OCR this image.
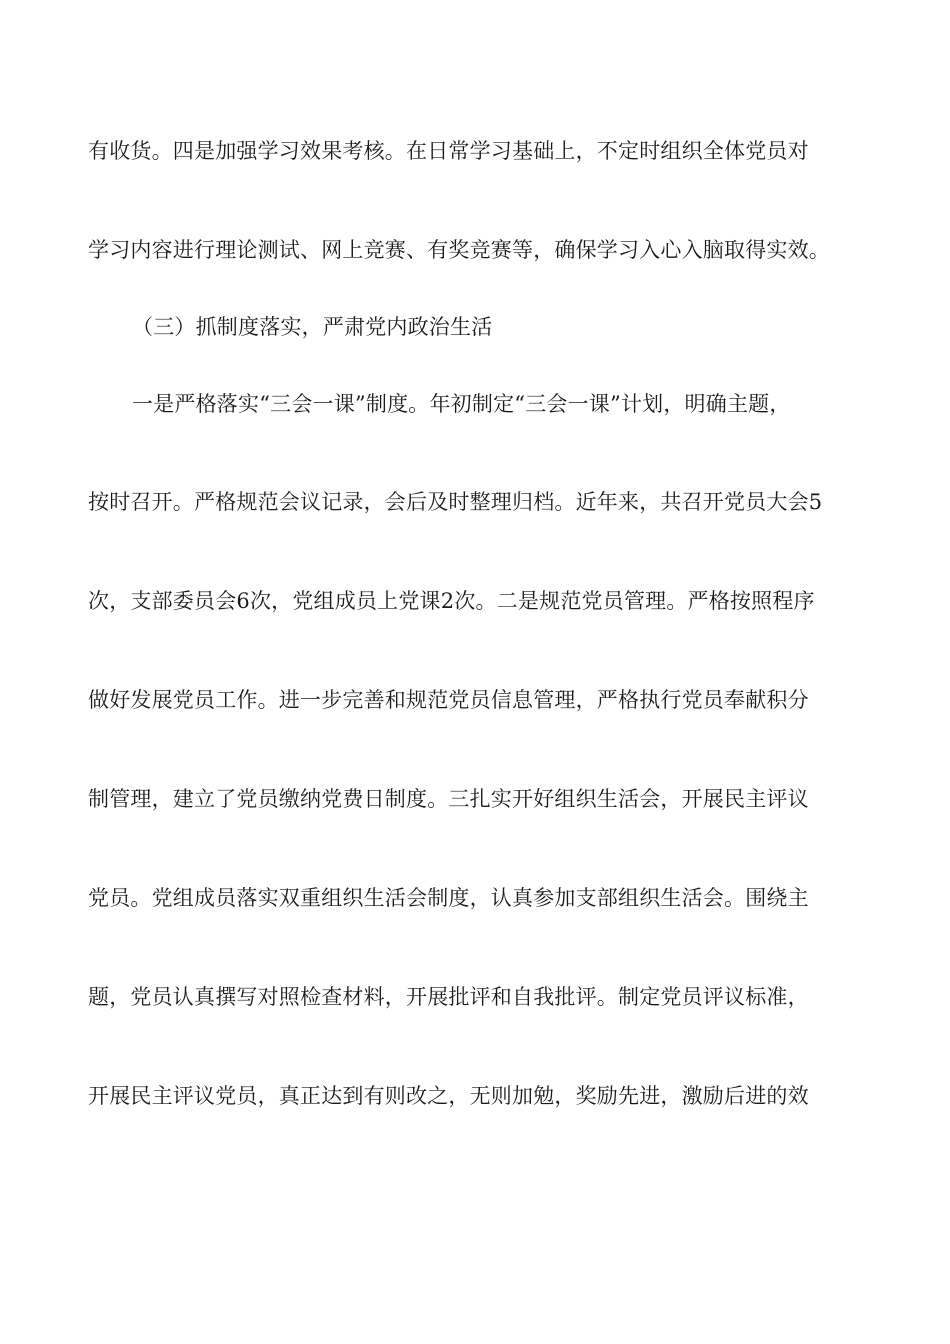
有收货。四是加强学习效果考核。在日常学习基础上，不定时组织全体党员对
学习内容进行理论测试、网上竞赛、有奖竞赛等，确保学习入心入脑取得实效。
（三）抓制度落实，严肃党内政治生活
一是严格落实“三会一课”制度。年初制定“三会一课”计划，明确主题，
按时召开。严格规范会议记录，会后及时整理归档。近年来，共召开党员大会5
次，支部委员会6次，党组成员上党课2次。二是规范党员管理。严格按照程序
做好发展党员工作。进一步完善和规范党员信息管理，严格执行党员奉献积分
制管理，建立了党员缴纳党费日制度。三扎实开好组织生活会，开展民主评议
党员。党组成员落实双重组织生活会制度，认真参加支部组织生活会。围绕主
题，党员认真撰写对照检查材料，开展批评和自我批评。制定党员评议标准，
开展民主评议党员，真正达到有则改之，无则加勉，奖励先进，激励后进的效
